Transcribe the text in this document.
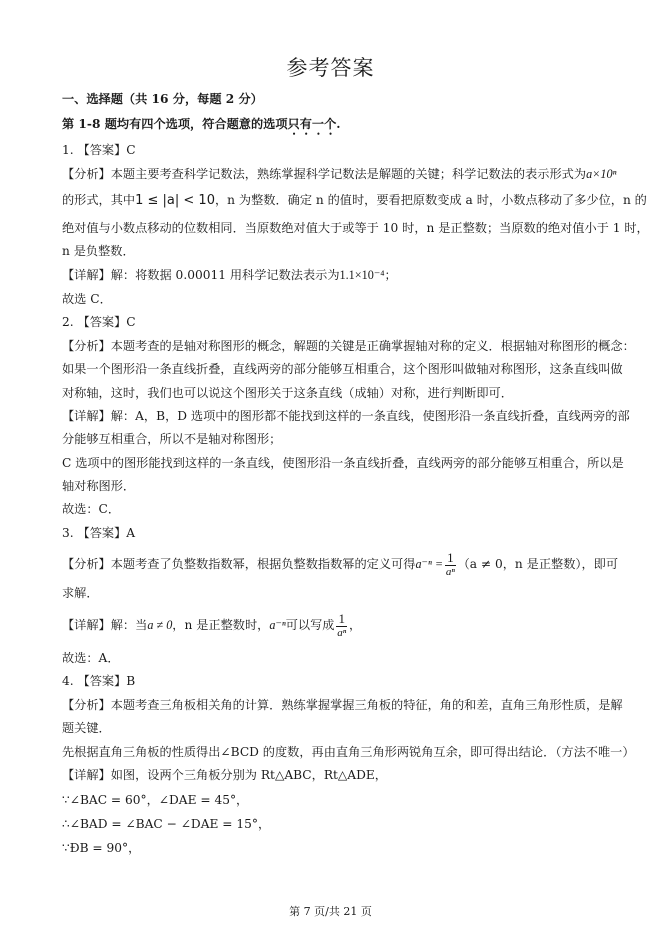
参考答案
一、选择题（共 16 分，每题 2 分）
第 1-8 题均有四个选项，符合题意的选项只有一个.
1. 【答案】C
【分析】本题主要考查科学记数法，熟练掌握科学记数法是解题的关键；科学记数法的表示形式为a×10ⁿ
的形式，其中1 ≤ |a| < 10，n 为整数．确定 n 的值时，要看把原数变成 a 时，小数点移动了多少位，n 的
绝对值与小数点移动的位数相同．当原数绝对值大于或等于 10 时，n 是正整数；当原数的绝对值小于 1 时，
n 是负整数．
【详解】解：将数据 0.00011 用科学记数法表示为1.1×10⁻⁴；
故选 C．
2. 【答案】C
【分析】本题考查的是轴对称图形的概念，解题的关键是正确掌握轴对称的定义．根据轴对称图形的概念：
如果一个图形沿一条直线折叠，直线两旁的部分能够互相重合，这个图形叫做轴对称图形，这条直线叫做
对称轴，这时，我们也可以说这个图形关于这条直线（成轴）对称，进行判断即可．
【详解】解：A，B，D 选项中的图形都不能找到这样的一条直线，使图形沿一条直线折叠，直线两旁的部
分能够互相重合，所以不是轴对称图形；
C 选项中的图形能找到这样的一条直线，使图形沿一条直线折叠，直线两旁的部分能够互相重合，所以是
轴对称图形．
故选：C．
3. 【答案】A
【分析】本题考查了负整数指数幂，根据负整数指数幂的定义可得$a^{-n} = \frac{1}{\text{aⁿ}} (a \ne 0$，n 是正整数），即可
求解．
【详解】解：当a ≠ 0，n 是正整数时，a⁻ⁿ可以写成 $\frac{1}{\text{aⁿ}}$ ，
故选：A．
4. 【答案】B
【分析】本题考查三角板相关角的计算．熟练掌握掌握三角板的特征，角的和差，直角三角形性质，是解
题关键．
先根据直角三角板的性质得出∠BCD 的度数，再由直角三角形两锐角互余，即可得出结论．（方法不唯一）
【详解】如图，设两个三角板分别为 Rt△ABC，Rt△ADE，
∵∠BAC = 60°，∠DAE = 45°，
∴∠BAD = ∠BAC − ∠DAE = 15°，
∵ĐB = 90°，
第 7 页/共 21 页
